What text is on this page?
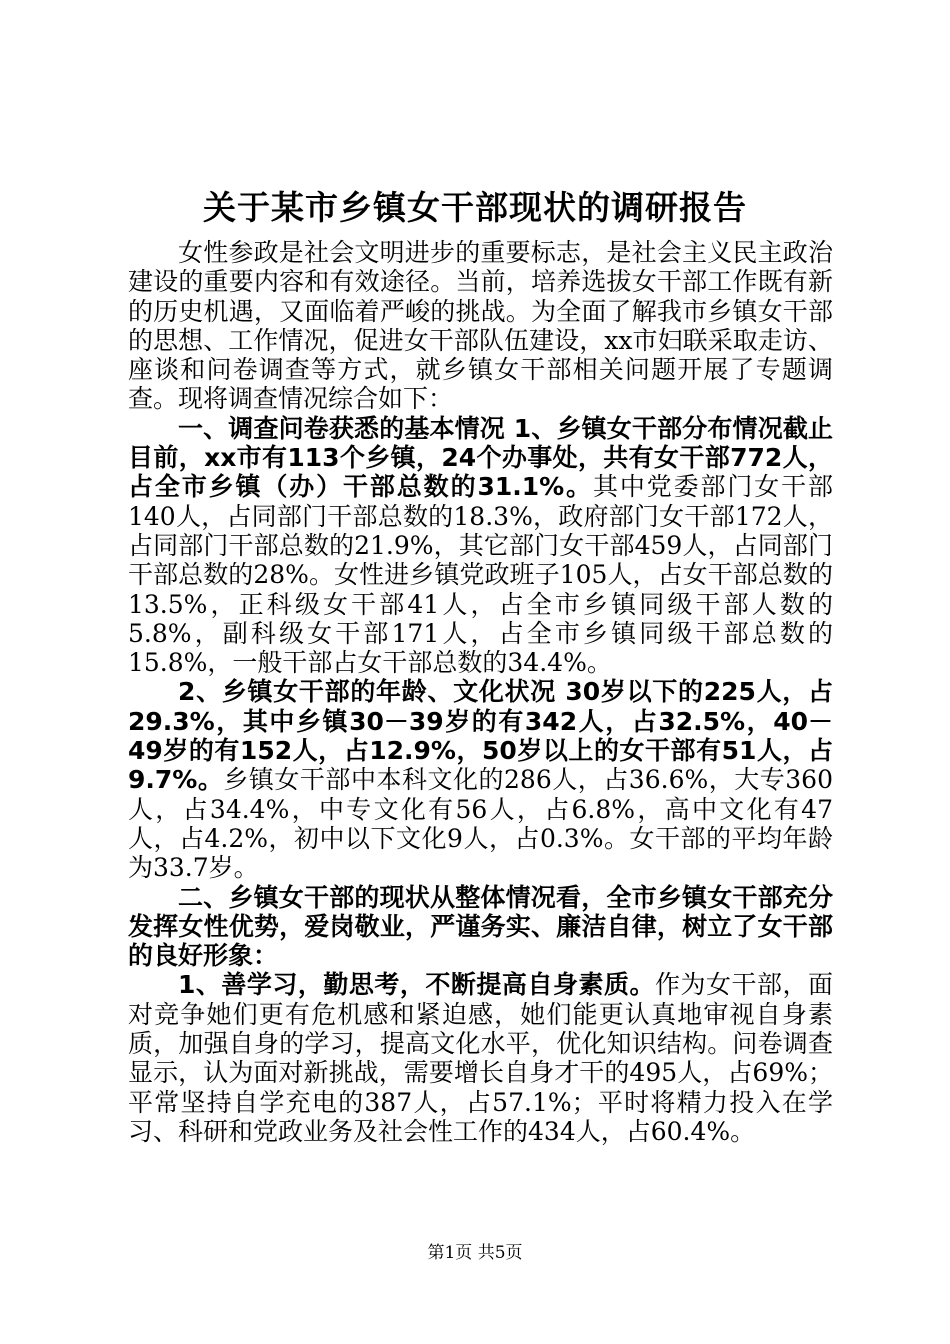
关于某市乡镇女干部现状的调研报告

女性参政是社会文明进步的重要标志，是社会主义民主政治建设的重要内容和有效途径。当前，培养选拔女干部工作既有新的历史机遇，又面临着严峻的挑战。为全面了解我市乡镇女干部的思想、工作情况，促进女干部队伍建设，xx市妇联采取走访、座谈和问卷调查等方式，就乡镇女干部相关问题开展了专题调查。现将调查情况综合如下：

一、调查问卷获悉的基本情况 1、乡镇女干部分布情况截止目前，xx市有113个乡镇，24个办事处，共有女干部772人，占全市乡镇（办）干部总数的31.1%。其中党委部门女干部140人，占同部门干部总数的18.3%，政府部门女干部172人，占同部门干部总数的21.9%，其它部门女干部459人，占同部门干部总数的28%。女性进乡镇党政班子105人，占女干部总数的13.5%，正科级女干部41人，占全市乡镇同级干部人数的5.8%，副科级女干部171人，占全市乡镇同级干部总数的15.8%，一般干部占女干部总数的34.4%。

2、乡镇女干部的年龄、文化状况 30岁以下的225人，占29.3%，其中乡镇30－39岁的有342人，占32.5%，40－49岁的有152人，占12.9%，50岁以上的女干部有51人，占9.7%。乡镇女干部中本科文化的286人，占36.6%，大专360人，占34.4%，中专文化有56人，占6.8%，高中文化有47人，占4.2%，初中以下文化9人，占0.3%。女干部的平均年龄为33.7岁。

二、乡镇女干部的现状从整体情况看，全市乡镇女干部充分发挥女性优势，爱岗敬业，严谨务实、廉洁自律，树立了女干部的良好形象：

1、善学习，勤思考，不断提高自身素质。作为女干部，面对竞争她们更有危机感和紧迫感，她们能更认真地审视自身素质，加强自身的学习，提高文化水平，优化知识结构。问卷调查显示，认为面对新挑战，需要增长自身才干的495人，占69%；平常坚持自学充电的387人，占57.1%；平时将精力投入在学习、科研和党政业务及社会性工作的434人，占60.4%。

第1页 共5页
